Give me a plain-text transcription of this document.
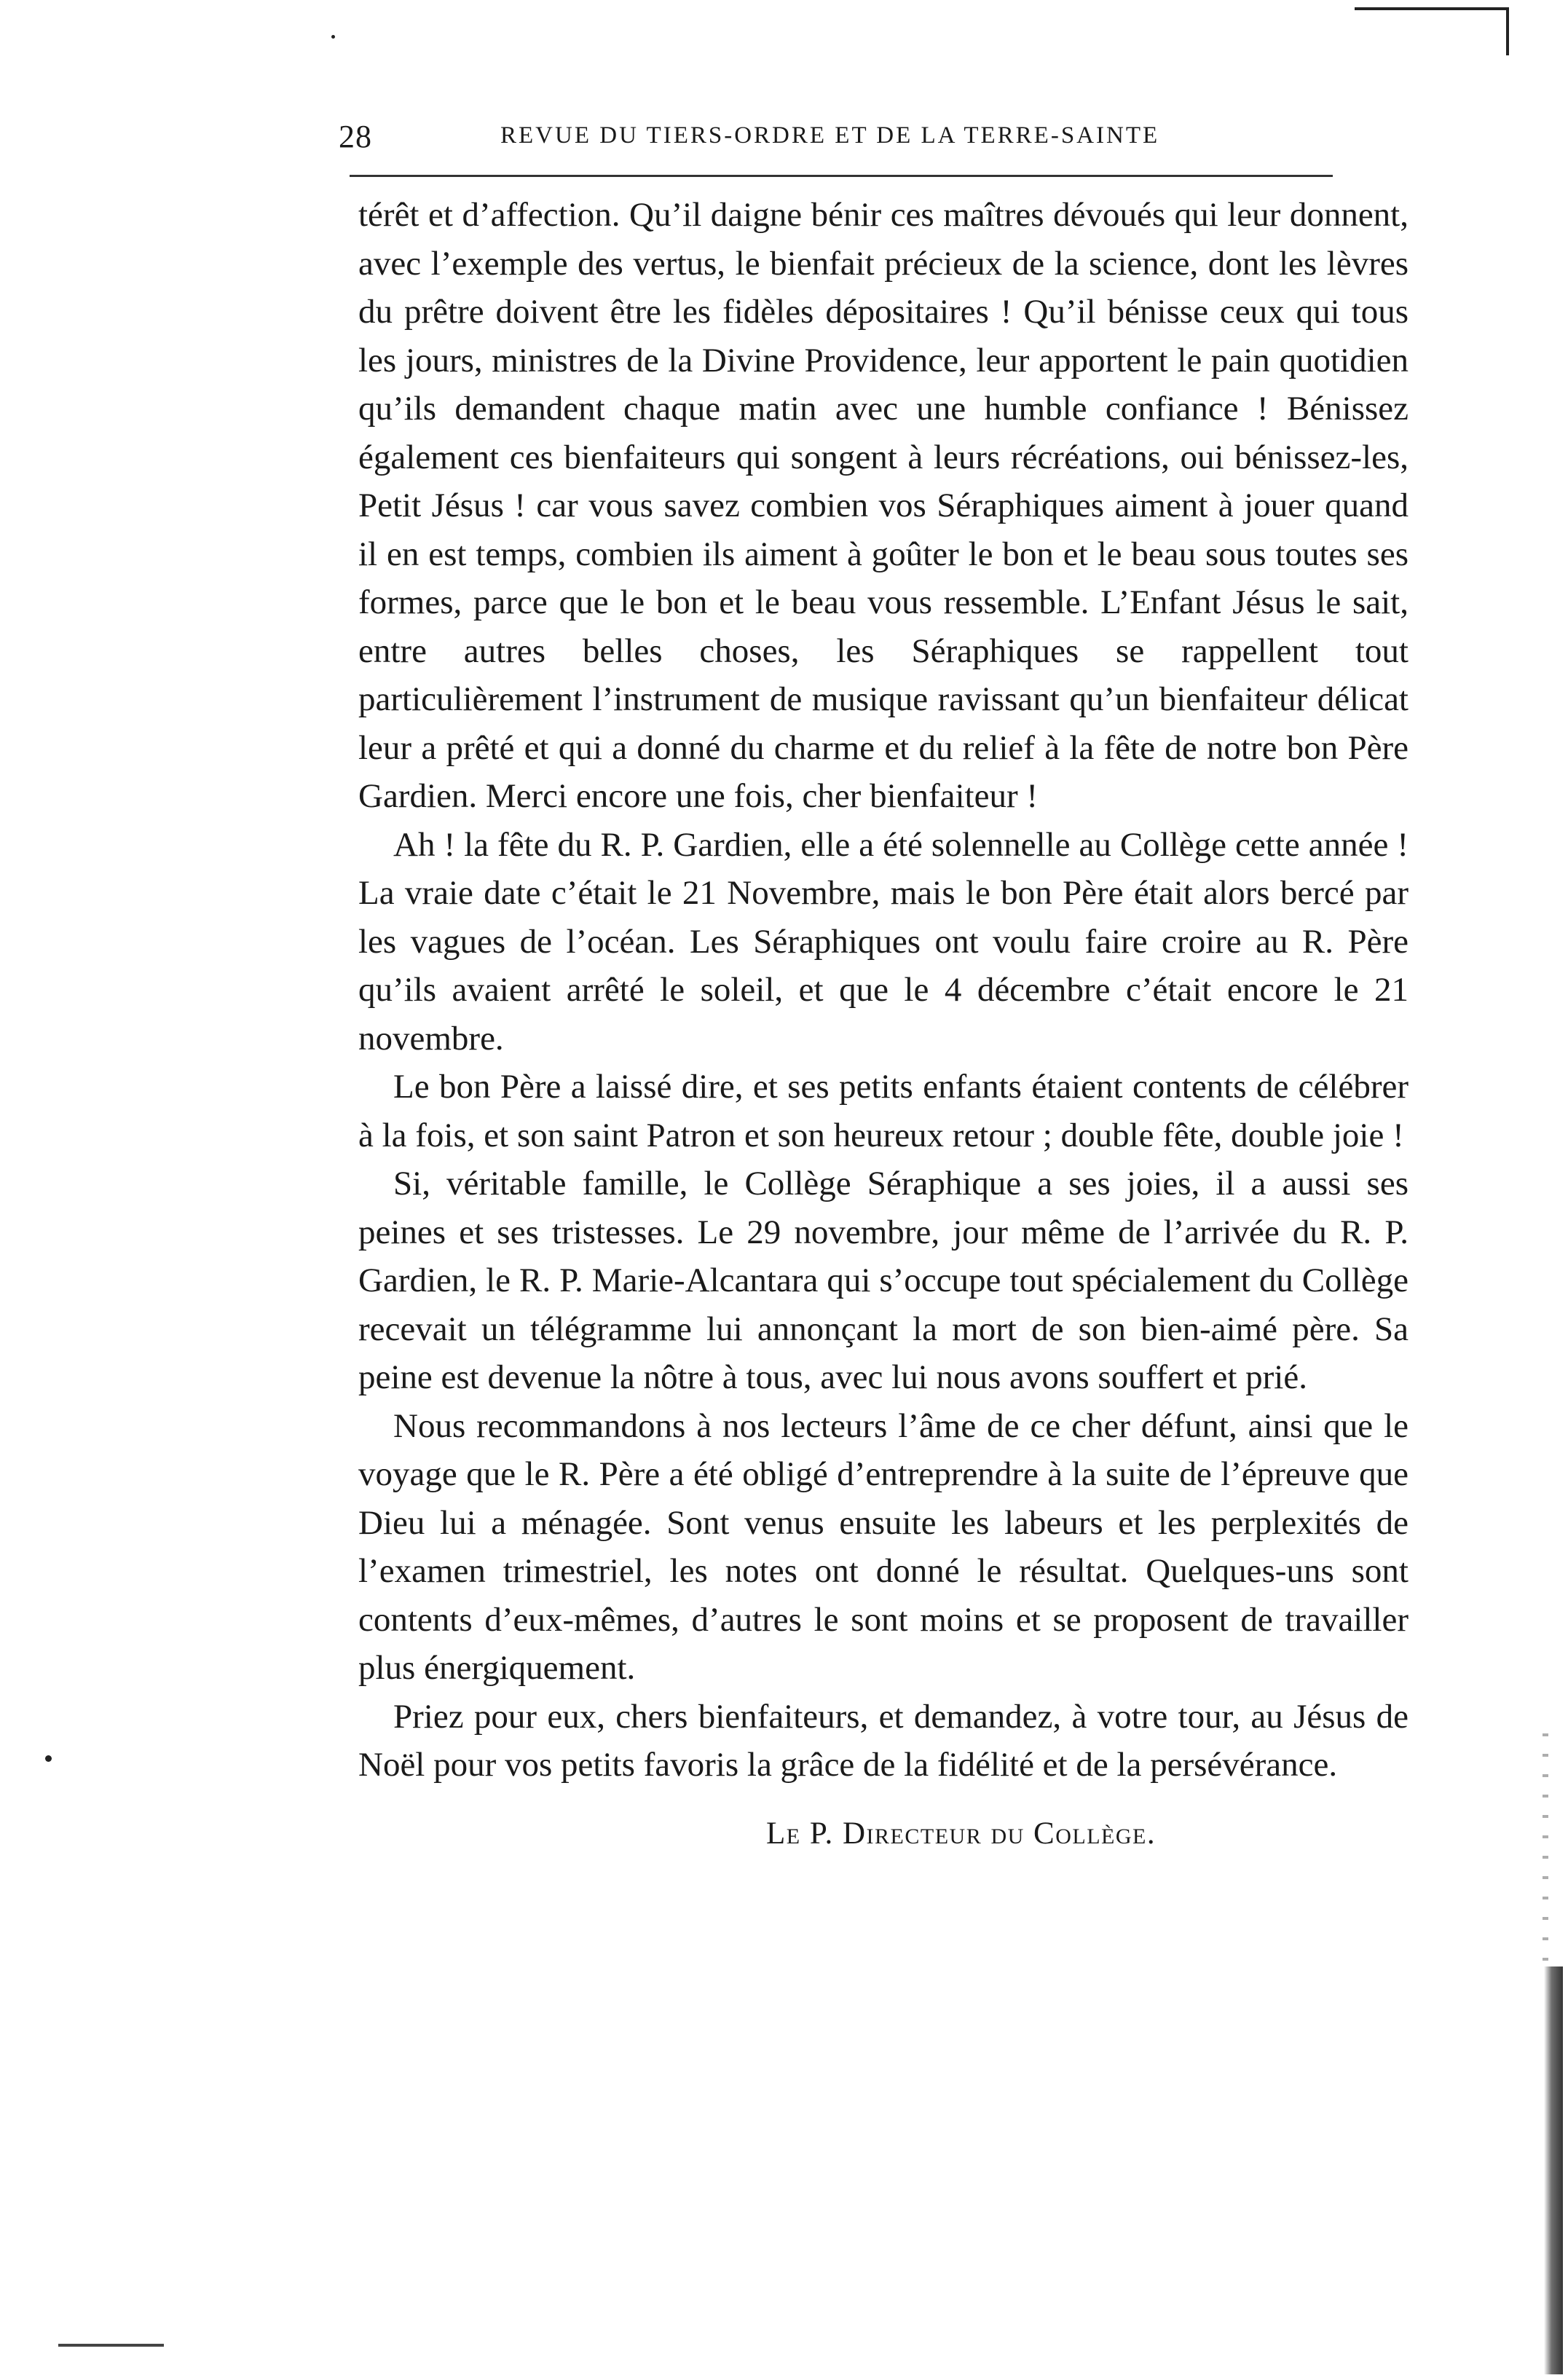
28	REVUE DU TIERS-ORDRE ET DE LA TERRE-SAINTE

térêt et d’affection. Qu’il daigne bénir ces maîtres dévoués qui leur donnent, avec l’exemple des vertus, le bienfait précieux de la science, dont les lèvres du prêtre doivent être les fidèles dépositaires ! Qu’il bénisse ceux qui tous les jours, ministres de la Divine Providence, leur apportent le pain quotidien qu’ils demandent chaque matin avec une humble confiance ! Bénissez également ces bienfaiteurs qui songent à leurs récréations, oui bénissez-les, Petit Jésus ! car vous savez combien vos Séraphiques aiment à jouer quand il en est temps, combien ils aiment à goûter le bon et le beau sous toutes ses formes, parce que le bon et le beau vous ressemble. L’Enfant Jésus le sait, entre autres belles choses, les Séraphiques se rappellent tout particulièrement l’instrument de musique ravissant qu’un bienfaiteur délicat leur a prêté et qui a donné du charme et du relief à la fête de notre bon Père Gardien. Merci encore une fois, cher bienfaiteur !

Ah ! la fête du R. P. Gardien, elle a été solennelle au Collège cette année ! La vraie date c’était le 21 Novembre, mais le bon Père était alors bercé par les vagues de l’océan. Les Séraphiques ont voulu faire croire au R. Père qu’ils avaient arrêté le soleil, et que le 4 décembre c’était encore le 21 novembre.

Le bon Père a laissé dire, et ses petits enfants étaient contents de célébrer à la fois, et son saint Patron et son heureux retour ; double fête, double joie !

Si, véritable famille, le Collège Séraphique a ses joies, il a aussi ses peines et ses tristesses. Le 29 novembre, jour même de l’arrivée du R. P. Gardien, le R. P. Marie-Alcantara qui s’occupe tout spécialement du Collège recevait un télégramme lui annonçant la mort de son bien-aimé père. Sa peine est devenue la nôtre à tous, avec lui nous avons souffert et prié.

Nous recommandons à nos lecteurs l’âme de ce cher défunt, ainsi que le voyage que le R. Père a été obligé d’entreprendre à la suite de l’épreuve que Dieu lui a ménagée. Sont venus ensuite les labeurs et les perplexités de l’examen trimestriel, les notes ont donné le résultat. Quelques-uns sont contents d’eux-mêmes, d’autres le sont moins et se proposent de travailler plus énergiquement.

Priez pour eux, chers bienfaiteurs, et demandez, à votre tour, au Jésus de Noël pour vos petits favoris la grâce de la fidélité et de la persévérance.

Le P. Directeur du Collège.
